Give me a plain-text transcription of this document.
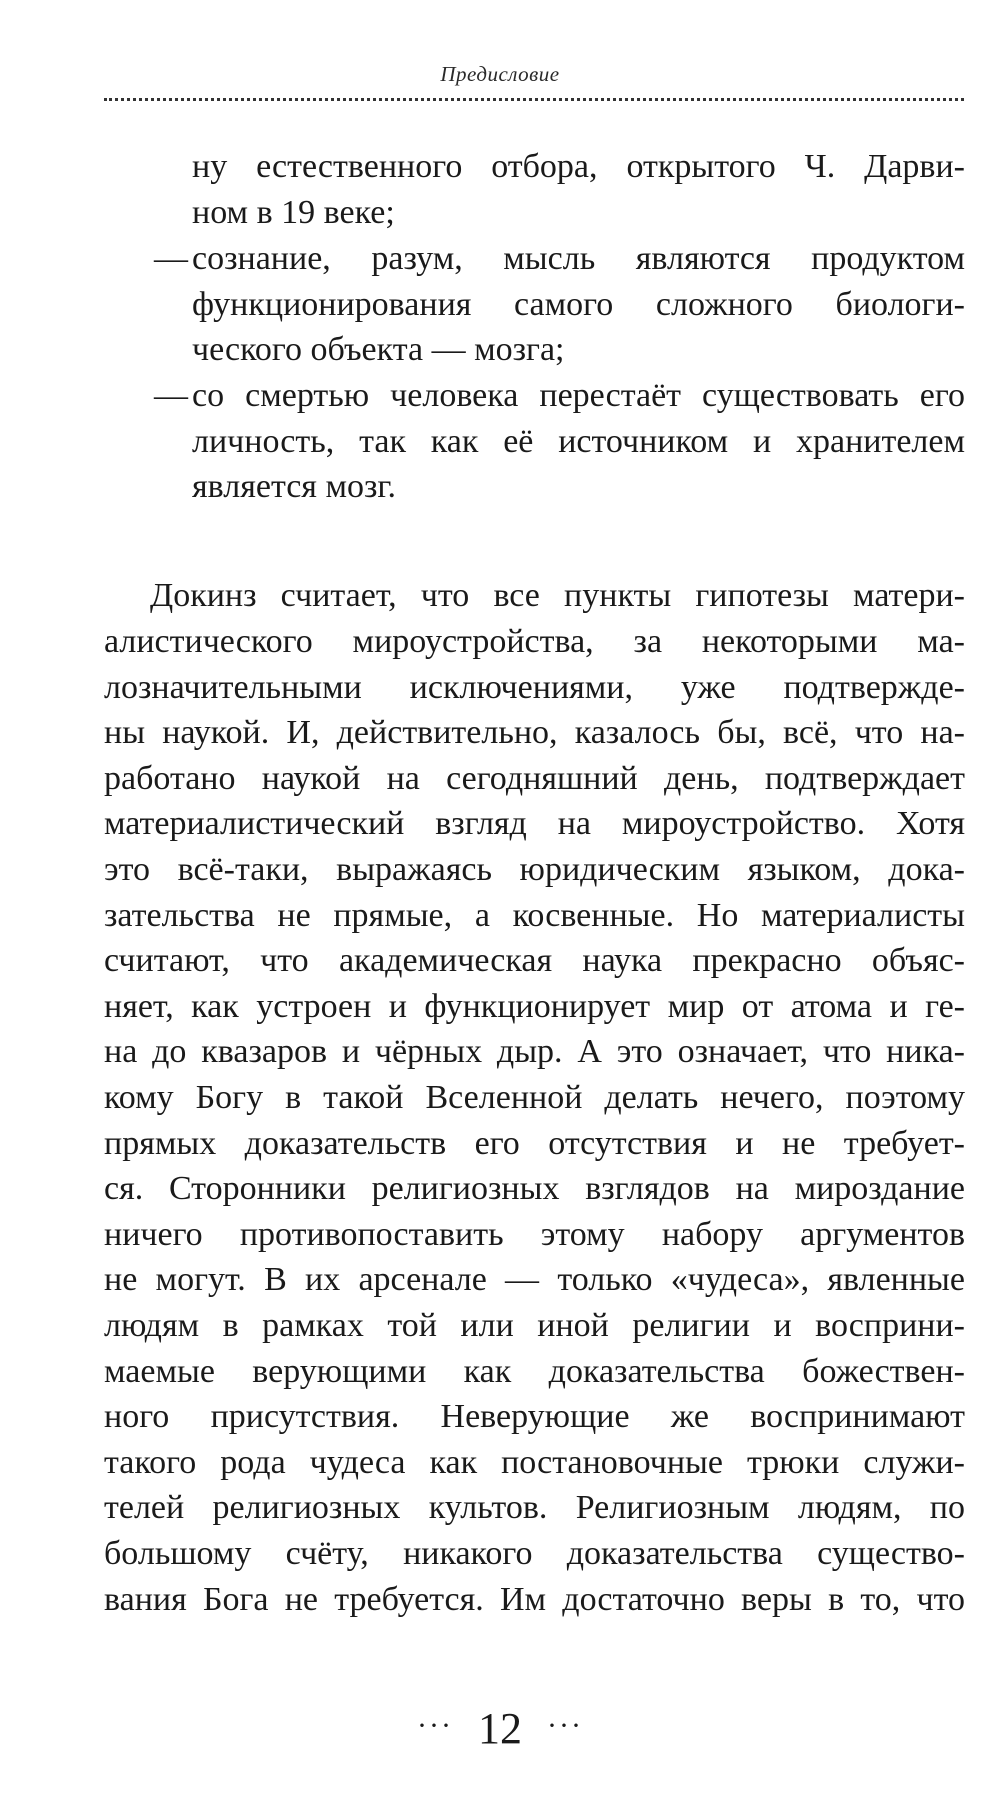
Предисловие
ну естественного отбора, открытого Ч. Дарви-
ном в 19 веке;
— сознание, разум, мысль являются продуктом
функционирования самого сложного биологи-
ческого объекта — мозга;
— со смертью человека перестаёт существовать его
личность, так как её источником и хранителем
является мозг.
Докинз считает, что все пункты гипотезы матери-
алистического мироустройства, за некоторыми ма-
лозначительными исключениями, уже подтвержде-
ны наукой. И, действительно, казалось бы, всё, что на-
работано наукой на сегодняшний день, подтверждает
материалистический взгляд на мироустройство. Хотя
это всё-таки, выражаясь юридическим языком, дока-
зательства не прямые, а косвенные. Но материалисты
считают, что академическая наука прекрасно объяс-
няет, как устроен и функционирует мир от атома и ге-
на до квазаров и чёрных дыр. А это означает, что ника-
кому Богу в такой Вселенной делать нечего, поэтому
прямых доказательств его отсутствия и не требует-
ся. Сторонники религиозных взглядов на мироздание
ничего противопоставить этому набору аргументов
не могут. В их арсенале — только «чудеса», явленные
людям в рамках той или иной религии и восприни-
маемые верующими как доказательства божествен-
ного присутствия. Неверующие же воспринимают
такого рода чудеса как постановочные трюки служи-
телей религиозных культов. Религиозным людям, по
большому счёту, никакого доказательства существо-
вания Бога не требуется. Им достаточно веры в то, что
··· 12 ···
